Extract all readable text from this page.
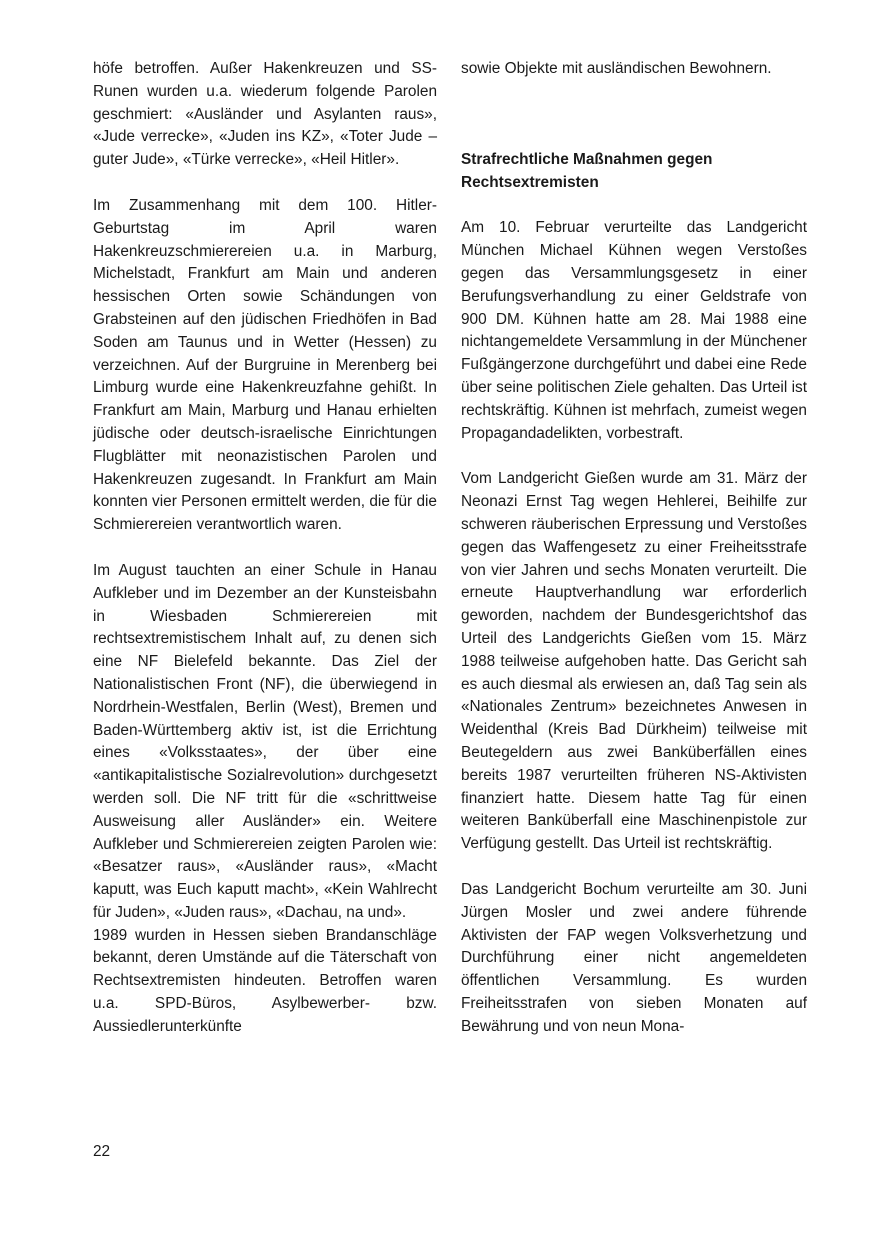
höfe betroffen. Außer Hakenkreuzen und SS-Runen wurden u.a. wiederum folgende Parolen geschmiert: «Ausländer und Asylanten raus», «Jude verrecke», «Juden ins KZ», «Toter Jude – guter Jude», «Türke verrecke», «Heil Hitler».

Im Zusammenhang mit dem 100. Hitler-Geburtstag im April waren Hakenkreuzschmierereien u.a. in Marburg, Michelstadt, Frankfurt am Main und anderen hessischen Orten sowie Schändungen von Grabsteinen auf den jüdischen Friedhöfen in Bad Soden am Taunus und in Wetter (Hessen) zu verzeichnen. Auf der Burgruine in Merenberg bei Limburg wurde eine Hakenkreuzfahne gehißt. In Frankfurt am Main, Marburg und Hanau erhielten jüdische oder deutsch-israelische Einrichtungen Flugblätter mit neonazistischen Parolen und Hakenkreuzen zugesandt. In Frankfurt am Main konnten vier Personen ermittelt werden, die für die Schmierereien verantwortlich waren.

Im August tauchten an einer Schule in Hanau Aufkleber und im Dezember an der Kunsteisbahn in Wiesbaden Schmierereien mit rechtsextremistischem Inhalt auf, zu denen sich eine NF Bielefeld bekannte. Das Ziel der Nationalistischen Front (NF), die überwiegend in Nordrhein-Westfalen, Berlin (West), Bremen und Baden-Württemberg aktiv ist, ist die Errichtung eines «Volksstaates», der über eine «antikapitalistische Sozialrevolution» durchgesetzt werden soll. Die NF tritt für die «schrittweise Ausweisung aller Ausländer» ein. Weitere Aufkleber und Schmierereien zeigten Parolen wie: «Besatzer raus», «Ausländer raus», «Macht kaputt, was Euch kaputt macht», «Kein Wahlrecht für Juden», «Juden raus», «Dachau, na und».

1989 wurden in Hessen sieben Brandanschläge bekannt, deren Umstände auf die Täterschaft von Rechtsextremisten hindeuten. Betroffen waren u.a. SPD-Büros, Asylbewerber- bzw. Aussiedlerunterkünfte

sowie Objekte mit ausländischen Bewohnern.

Strafrechtliche Maßnahmen gegen Rechtsextremisten

Am 10. Februar verurteilte das Landgericht München Michael Kühnen wegen Verstoßes gegen das Versammlungsgesetz in einer Berufungsverhandlung zu einer Geldstrafe von 900 DM. Kühnen hatte am 28. Mai 1988 eine nichtangemeldete Versammlung in der Münchener Fußgängerzone durchgeführt und dabei eine Rede über seine politischen Ziele gehalten. Das Urteil ist rechtskräftig. Kühnen ist mehrfach, zumeist wegen Propagandadelikten, vorbestraft.

Vom Landgericht Gießen wurde am 31. März der Neonazi Ernst Tag wegen Hehlerei, Beihilfe zur schweren räuberischen Erpressung und Verstoßes gegen das Waffengesetz zu einer Freiheitsstrafe von vier Jahren und sechs Monaten verurteilt. Die erneute Hauptverhandlung war erforderlich geworden, nachdem der Bundesgerichtshof das Urteil des Landgerichts Gießen vom 15. März 1988 teilweise aufgehoben hatte. Das Gericht sah es auch diesmal als erwiesen an, daß Tag sein als «Nationales Zentrum» bezeichnetes Anwesen in Weidenthal (Kreis Bad Dürkheim) teilweise mit Beutegeldern aus zwei Banküberfällen eines bereits 1987 verurteilten früheren NS-Aktivisten finanziert hatte. Diesem hatte Tag für einen weiteren Banküberfall eine Maschinenpistole zur Verfügung gestellt. Das Urteil ist rechtskräftig.

Das Landgericht Bochum verurteilte am 30. Juni Jürgen Mosler und zwei andere führende Aktivisten der FAP wegen Volksverhetzung und Durchführung einer nicht angemeldeten öffentlichen Versammlung. Es wurden Freiheitsstrafen von sieben Monaten auf Bewährung und von neun Mona-

22
